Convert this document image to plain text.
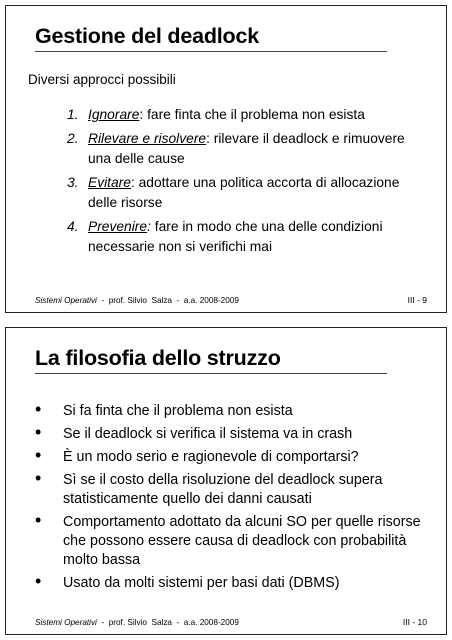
Gestione del deadlock
Diversi approcci possibili
1. Ignorare: fare finta che il problema non esista
2. Rilevare e risolvere: rilevare il deadlock e rimuovere una delle cause
3. Evitare: adottare una politica accorta di allocazione delle risorse
4. Prevenire: fare in modo che una delle condizioni necessarie non si verifichi mai
Sistemi Operativi  -  prof. Silvio  Salza  -  a.a. 2008-2009	III - 9
La filosofia dello struzzo
• Si fa finta che il problema non esista
• Se il deadlock si verifica il sistema va in crash
• È un modo serio e ragionevole di comportarsi?
• Sì se il costo della risoluzione del deadlock supera statisticamente quello dei danni causati
• Comportamento adottato da alcuni SO per quelle risorse che possono essere causa di deadlock con probabilità molto bassa
• Usato da molti sistemi per basi dati (DBMS)
Sistemi Operativi  -  prof. Silvio  Salza  -  a.a. 2008-2009	III - 10
